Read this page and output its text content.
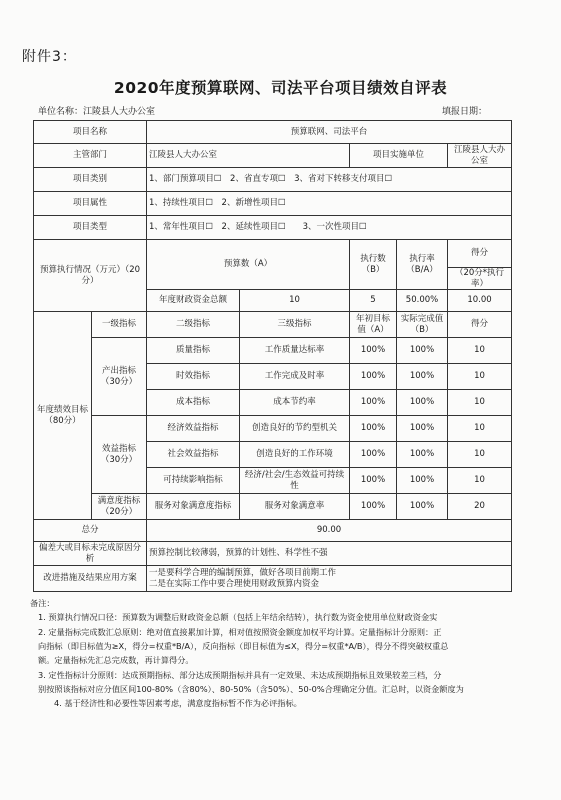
附件3：
2020年度预算联网、司法平台项目绩效自评表
单位名称：江陵县人大办公室	填报日期：
项目名称		预算联网、司法平台				
主管部门		江陵县人大办公室		项目实施单位		江陵县人大办公室
项目类别		1、部门预算项目☐　2、省直专项☐　3、省对下转移支付项目☐				
项目属性		1、持续性项目☐　2、新增性项目☐				
项目类型		1、常年性项目☐　2、延续性项目☐　　3、一次性项目☐				
预算执行情况（万元）（20分）		预算数（A）		执行数（B）	执行率（B/A）	得分
						（20分*执行率）
		年度财政资金总额	10	5	50.00%	10.00
年度绩效目标（80分）	一级指标	二级指标	三级指标	年初目标值（A）	实际完成值（B）	得分
	产出指标（30分）	质量指标	工作质量达标率	100%	100%	10
		时效指标	工作完成及时率	100%	100%	10
		成本指标	成本节约率	100%	100%	10
	效益指标（30分）	经济效益指标	创造良好的节约型机关	100%	100%	10
		社会效益指标	创造良好的工作环境	100%	100%	10
		可持续影响指标	经济/社会/生态效益可持续性	100%	100%	10
	满意度指标（20分）	服务对象满意度指标	服务对象满意率	100%	100%	20
总分		90.00				
偏差大或目标未完成原因分析		预算控制比较薄弱，预算的计划性、科学性不强				
改进措施及结果应用方案		一是要科学合理的编制预算，做好各项目前期工作
二是在实际工作中要合理使用财政预算内资金				

备注：

1. 预算执行情况口径：预算数为调整后财政资金总额（包括上年结余结转），执行数为资金使用单位财政资金实

2. 定量指标完成数汇总原则：绝对值直接累加计算，相对值按照资金额度加权平均计算。定量指标计分原则：正

向指标（即目标值为≥X，得分=权重*B/A），反向指标（即目标值为≤X，得分=权重*A/B），得分不得突破权重总

额。定量指标先汇总完成数，再计算得分。

3. 定性指标计分原则：达成预期指标、部分达成预期指标并具有一定效果、未达成预期指标且效果较差三档，分

别按照该指标对应分值区间100-80%（含80%）、80-50%（含50%）、50-0%合理确定分值。汇总时，以资金额度为

4. 基于经济性和必要性等因素考虑，满意度指标暂不作为必评指标。
